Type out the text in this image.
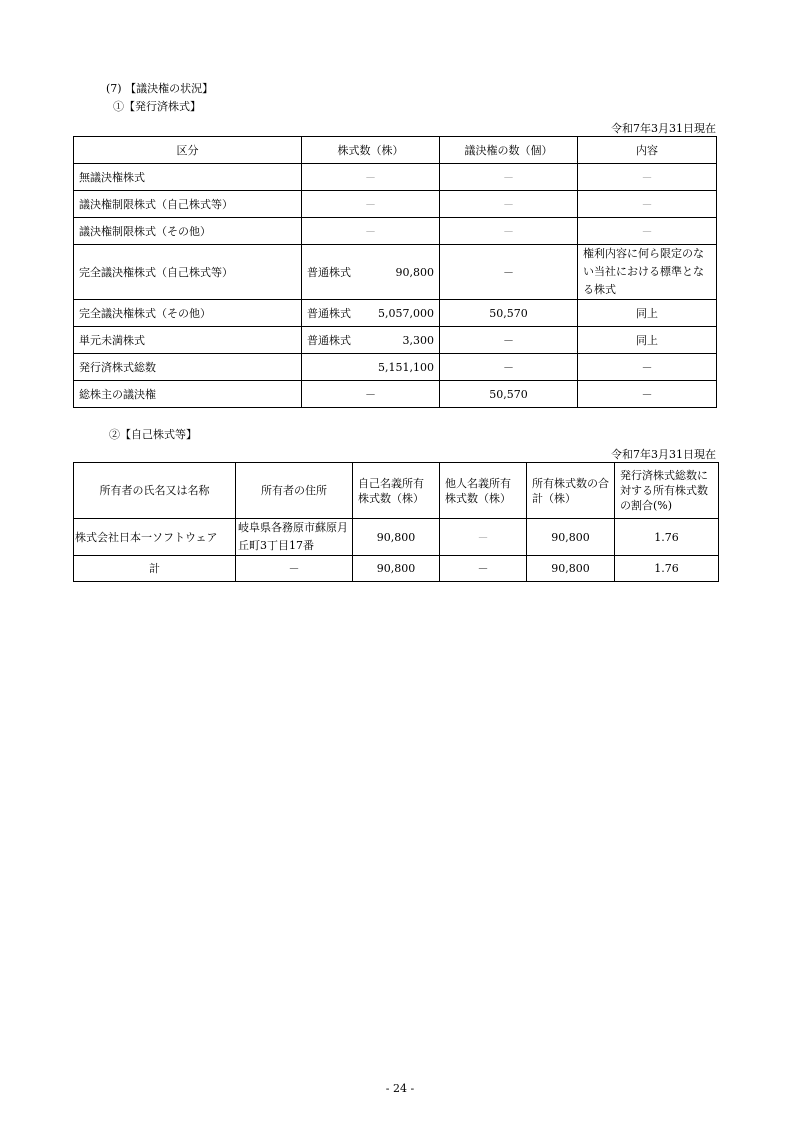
(7) 【議決権の状況】
①【発行済株式】
令和7年3月31日現在
区分	株式数（株）	議決権の数（個）	内容
無議決権株式	－	－	－
議決権制限株式（自己株式等）	－	－	－
議決権制限株式（その他）	－	－	－
完全議決権株式（自己株式等）	普通株式 90,800	－	権利内容に何ら限定のない当社における標準となる株式
完全議決権株式（その他）	普通株式 5,057,000	50,570	同上
単元未満株式	普通株式 3,300	－	同上
発行済株式総数	5,151,100	－	－
総株主の議決権	－	50,570	－
②【自己株式等】
令和7年3月31日現在
所有者の氏名又は名称	所有者の住所	自己名義所有株式数（株）	他人名義所有株式数（株）	所有株式数の合計（株）	発行済株式総数に対する所有株式数の割合(%)
株式会社日本一ソフトウェア	岐阜県各務原市蘇原月丘町3丁目17番	90,800	－	90,800	1.76
計	－	90,800	－	90,800	1.76
- 24 -
